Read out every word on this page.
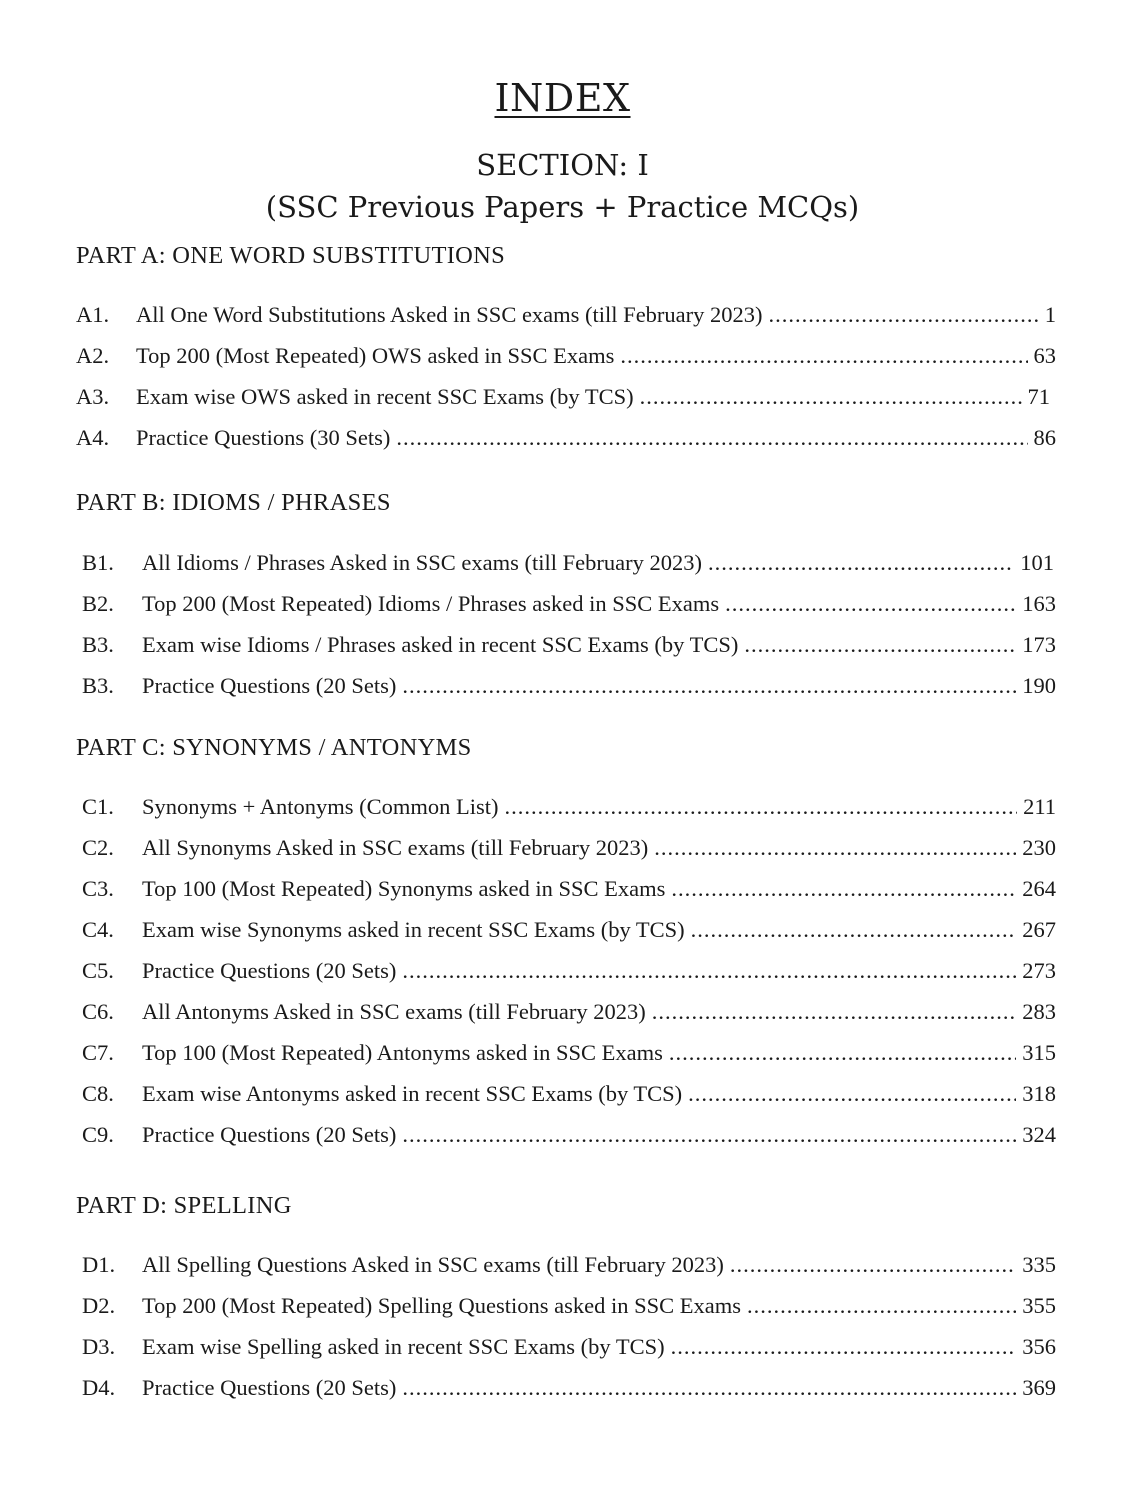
INDEX
SECTION: I
(SSC Previous Papers + Practice MCQs)
PART A: ONE WORD SUBSTITUTIONS
A1.	All One Word Substitutions Asked in SSC exams (till February 2023) .....	1
A2.	Top 200 (Most Repeated) OWS asked in SSC Exams .....	63
A3.	Exam wise OWS asked in recent SSC Exams (by TCS) .....	71
A4.	Practice Questions (30 Sets) .....	86
PART B: IDIOMS / PHRASES
B1.	All Idioms / Phrases Asked in SSC exams (till February 2023) .....	101
B2.	Top 200 (Most Repeated) Idioms / Phrases asked in SSC Exams .....	163
B3.	Exam wise Idioms / Phrases asked in recent SSC Exams (by TCS) .....	173
B3.	Practice Questions (20 Sets) .....	190
PART C: SYNONYMS / ANTONYMS
C1.	Synonyms + Antonyms (Common List) .....	211
C2.	All Synonyms Asked in SSC exams (till February 2023) .....	230
C3.	Top 100 (Most Repeated) Synonyms asked in SSC Exams .....	264
C4.	Exam wise Synonyms asked in recent SSC Exams (by TCS) .....	267
C5.	Practice Questions (20 Sets) .....	273
C6.	All Antonyms Asked in SSC exams (till February 2023) .....	283
C7.	Top 100 (Most Repeated) Antonyms asked in SSC Exams .....	315
C8.	Exam wise Antonyms asked in recent SSC Exams (by TCS) .....	318
C9.	Practice Questions (20 Sets) .....	324
PART D: SPELLING
D1.	All Spelling Questions Asked in SSC exams (till February 2023) .....	335
D2.	Top 200 (Most Repeated) Spelling Questions asked in SSC Exams .....	355
D3.	Exam wise Spelling asked in recent SSC Exams (by TCS) .....	356
D4.	Practice Questions (20 Sets) .....	369
